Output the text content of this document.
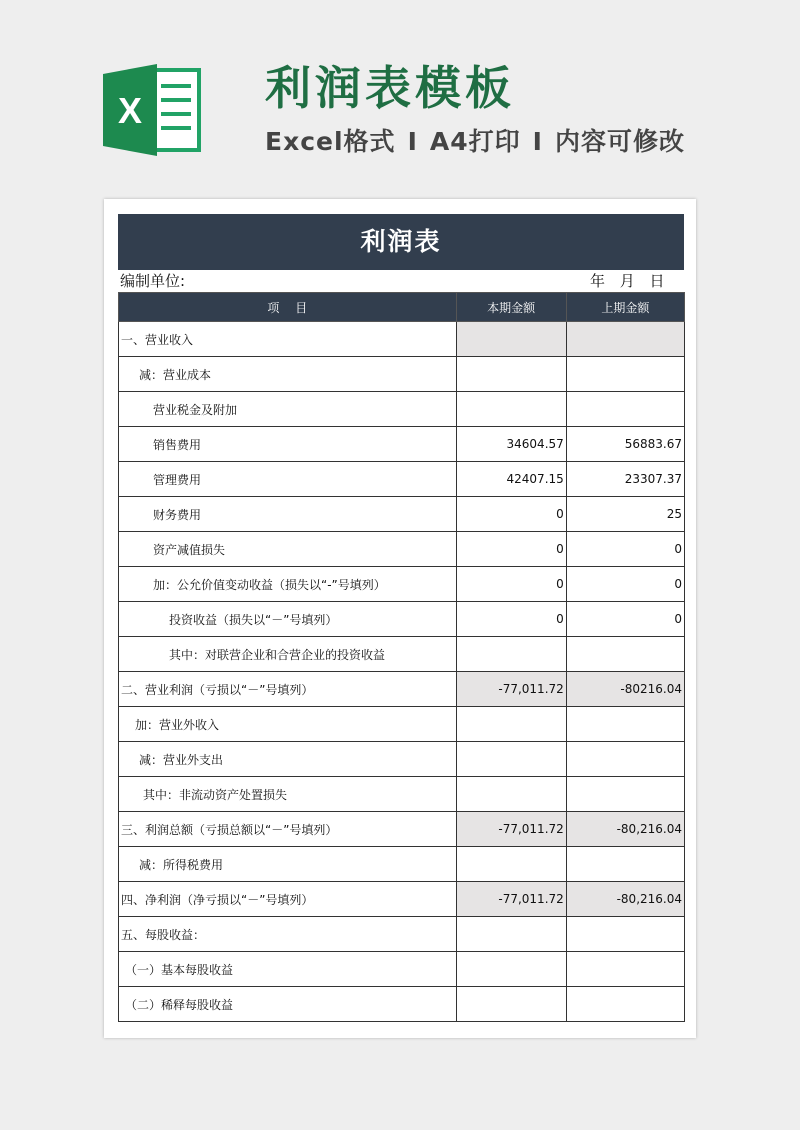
X	利润表模板
Excel格式 I A4打印 I 内容可修改
利润表
编制单位:	年 月 日
项　 目	本期金额	上期金额
一、营业收入		
减：营业成本		
营业税金及附加		
销售费用	34604.57	56883.67
管理费用	42407.15	23307.37
财务费用	0	25
资产减值损失	0	0
加：公允价值变动收益（损失以“-”号填列）	0	0
投资收益（损失以“－”号填列）	0	0
其中：对联营企业和合营企业的投资收益		
二、营业利润（亏损以“－”号填列）	-77,011.72	-80216.04
加：营业外收入		
减：营业外支出		
其中：非流动资产处置损失		
三、利润总额（亏损总额以“－”号填列）	-77,011.72	-80,216.04
减：所得税费用		
四、净利润（净亏损以“－”号填列）	-77,011.72	-80,216.04
五、每股收益：		
（一）基本每股收益		
（二）稀释每股收益		
